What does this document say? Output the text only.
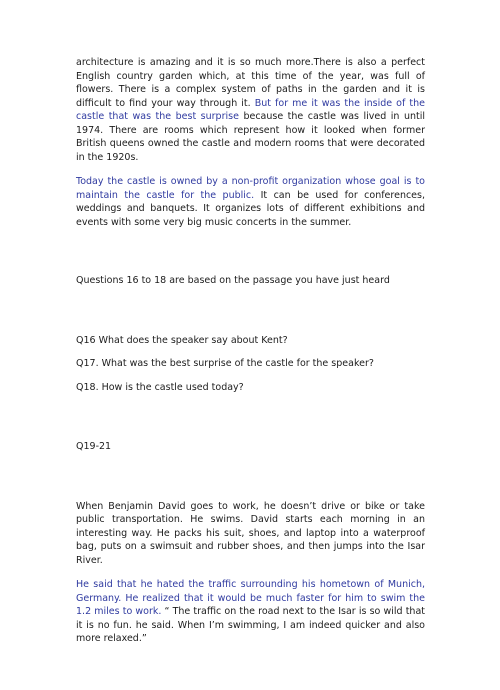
architecture is amazing and it is so much more.There is also a perfect English country garden which, at this time of the year, was full of flowers. There is a complex system of paths in the garden and it is difficult to find your way through it. But for me it was the inside of the castle that was the best surprise because the castle was lived in until 1974. There are rooms which represent how it looked when former British queens owned the castle and modern rooms that were decorated in the 1920s.

Today the castle is owned by a non-profit organization whose goal is to maintain the castle for the public. It can be used for conferences, weddings and banquets. It organizes lots of different exhibitions and events with some very big music concerts in the summer.

Questions 16 to 18 are based on the passage you have just heard

Q16 What does the speaker say about Kent?

Q17. What was the best surprise of the castle for the speaker?

Q18. How is the castle used today?

Q19-21

When Benjamin David goes to work, he doesn’t drive or bike or take public transportation. He swims. David starts each morning in an interesting way. He packs his suit, shoes, and laptop into a waterproof bag, puts on a swimsuit and rubber shoes, and then jumps into the Isar River.

He said that he hated the traffic surrounding his hometown of Munich, Germany. He realized that it would be much faster for him to swim the 1.2 miles to work. “ The traffic on the road next to the Isar is so wild that it is no fun. he said. When I’m swimming, I am indeed quicker and also more relaxed.”
